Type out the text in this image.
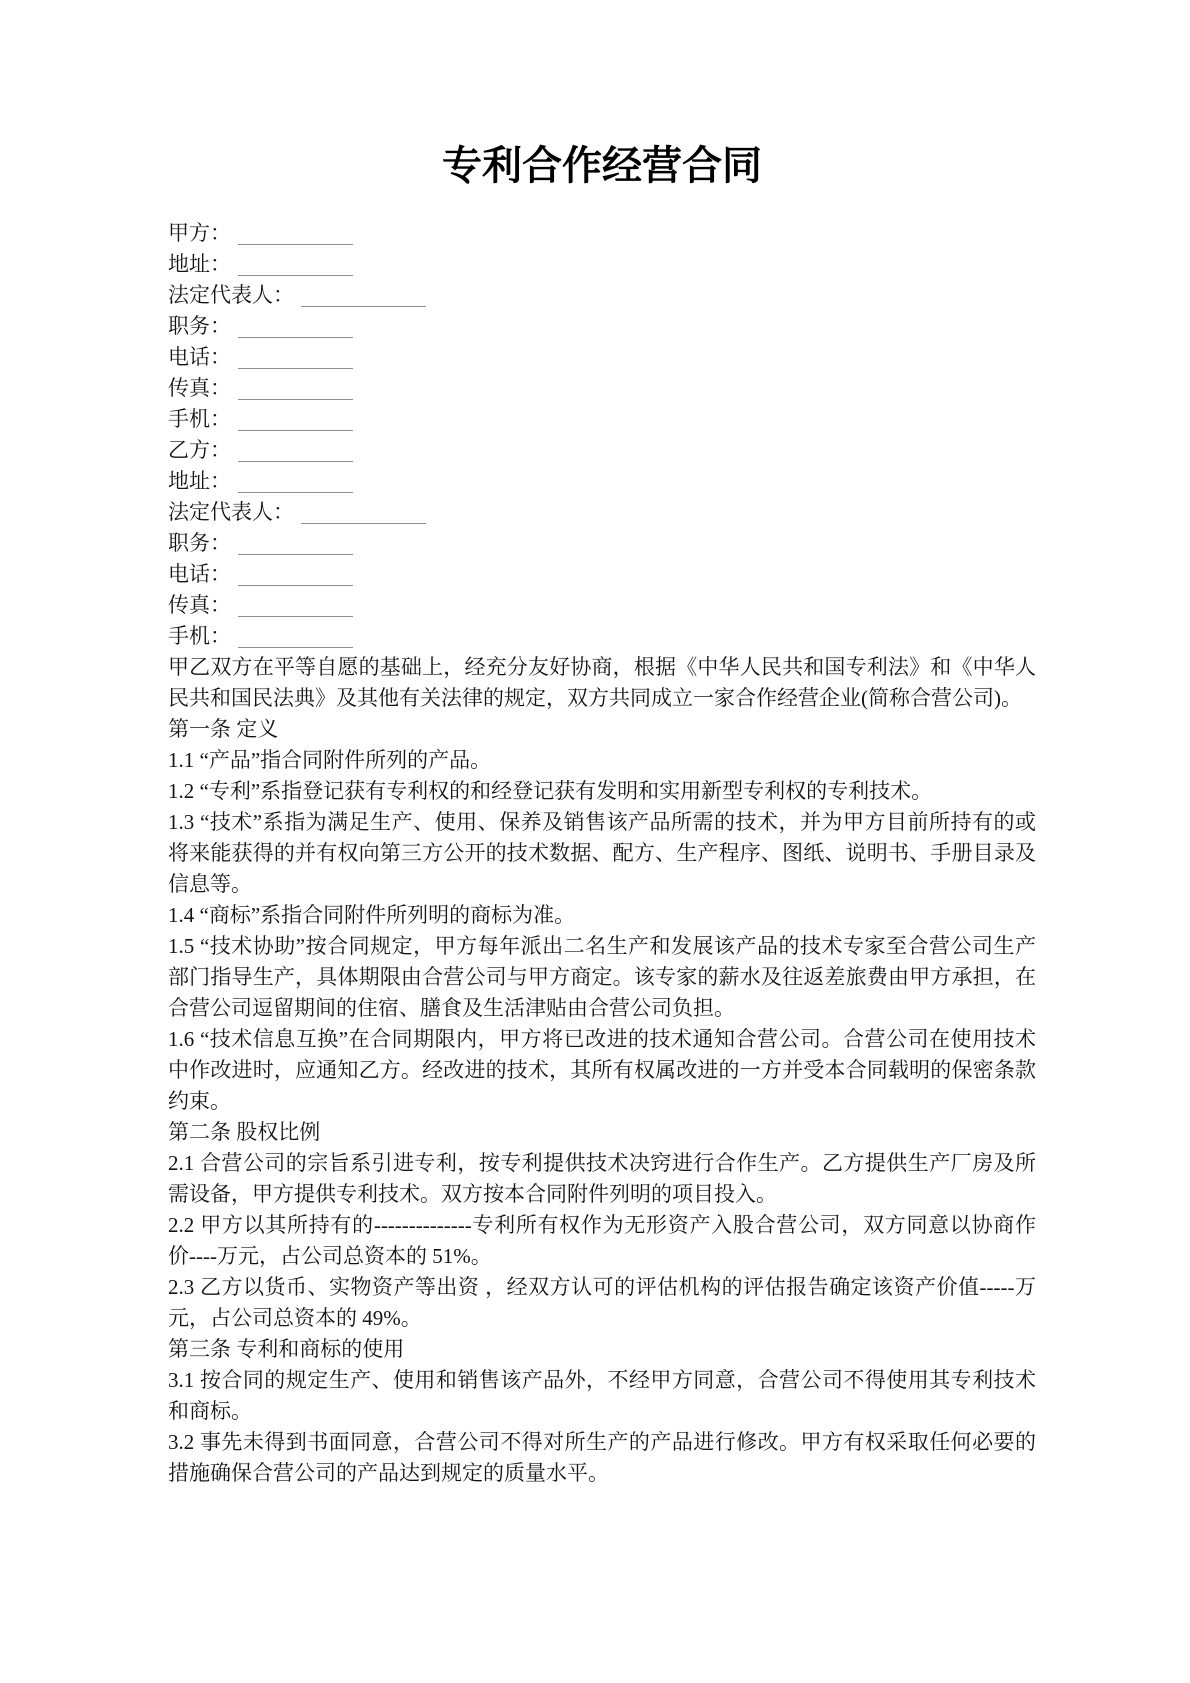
专利合作经营合同
甲方：
地址：
法定代表人：
职务：
电话：
传真：
手机：
乙方：
地址：
法定代表人：
职务：
电话：
传真：
手机：

甲乙双方在平等自愿的基础上，经充分友好协商，根据《中华人民共和国专利法》和《中华人民共和国民法典》及其他有关法律的规定，双方共同成立一家合作经营企业(简称合营公司)。

第一条 定义

1.1 “产品”指合同附件所列的产品。

1.2 “专利”系指登记获有专利权的和经登记获有发明和实用新型专利权的专利技术。

1.3 “技术”系指为满足生产、使用、保养及销售该产品所需的技术，并为甲方目前所持有的或将来能获得的并有权向第三方公开的技术数据、配方、生产程序、图纸、说明书、手册目录及信息等。

1.4 “商标”系指合同附件所列明的商标为准。

1.5 “技术协助”按合同规定，甲方每年派出二名生产和发展该产品的技术专家至合营公司生产部门指导生产，具体期限由合营公司与甲方商定。该专家的薪水及往返差旅费由甲方承担，在合营公司逗留期间的住宿、膳食及生活津贴由合营公司负担。

1.6 “技术信息互换”在合同期限内，甲方将已改进的技术通知合营公司。合营公司在使用技术中作改进时，应通知乙方。经改进的技术，其所有权属改进的一方并受本合同载明的保密条款约束。

第二条 股权比例

2.1 合营公司的宗旨系引进专利，按专利提供技术决窍进行合作生产。乙方提供生产厂房及所需设备，甲方提供专利技术。双方按本合同附件列明的项目投入。

2.2 甲方以其所持有的--------------专利所有权作为无形资产入股合营公司，双方同意以协商作价----万元，占公司总资本的 51%。

2.3 乙方以货币、实物资产等出资 ，经双方认可的评估机构的评估报告确定该资产价值-----万元，占公司总资本的 49%。

第三条 专利和商标的使用

3.1 按合同的规定生产、使用和销售该产品外，不经甲方同意，合营公司不得使用其专利技术和商标。

3.2 事先未得到书面同意，合营公司不得对所生产的产品进行修改。甲方有权采取任何必要的措施确保合营公司的产品达到规定的质量水平。
